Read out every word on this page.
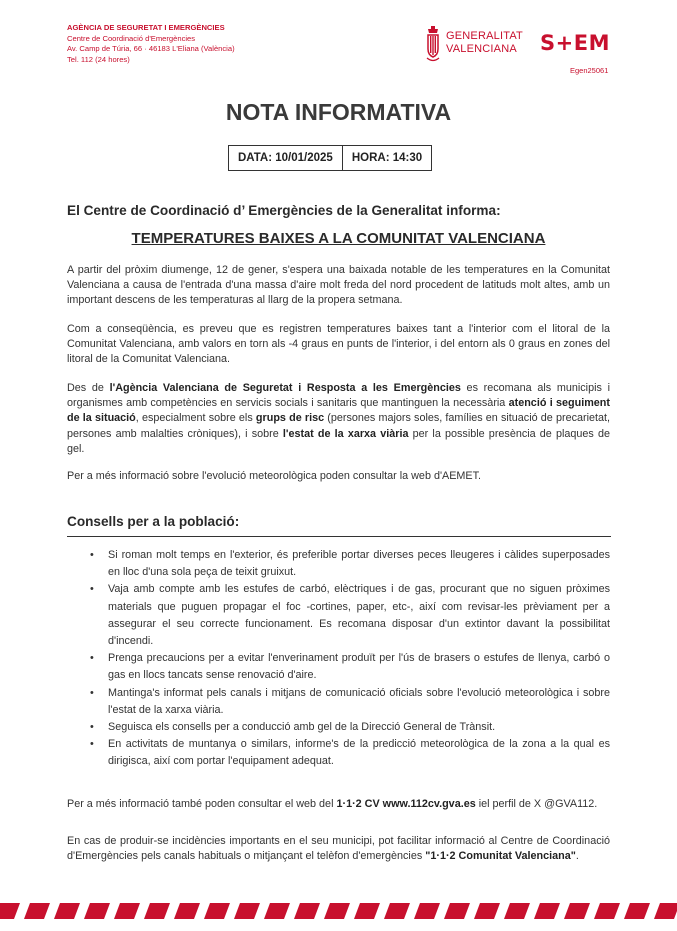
AGÈNCIA DE SEGURETAT I EMERGÈNCIES
Centre de Coordinació d'Emergències
Av. Camp de Túria, 66 · 46183 L'Eliana (València)
Tel. 112 (24 hores)
GENERALITAT
VALENCIANA S+EM
Egen25061
NOTA INFORMATIVA
DATA: 10/01/2025	HORA: 14:30
El Centre de Coordinació d’ Emergències de la Generalitat informa:
TEMPERATURES BAIXES A LA COMUNITAT VALENCIANA
A partir del pròxim diumenge, 12 de gener, s'espera una baixada notable de les temperatures en la Comunitat Valenciana a causa de l'entrada d'una massa d'aire molt freda del nord procedent de latituds molt altes, amb un important descens de les temperaturas al llarg de la propera setmana.
Com a conseqüència, es preveu que es registren temperatures baixes tant a l'interior com el litoral de la Comunitat Valenciana, amb valors en torn als -4 graus en punts de l'interior, i del entorn als 0 graus en zones del litoral de la Comunitat Valenciana.
Des de l'Agència Valenciana de Seguretat i Resposta a les Emergències es recomana als municipis i organismes amb competències en servicis socials i sanitaris que mantinguen la necessària atenció i seguiment de la situació, especialment sobre els grups de risc (persones majors soles, famílies en situació de precarietat, persones amb malalties cròniques), i sobre l'estat de la xarxa viària per la possible presència de plaques de gel.
Per a més informació sobre l'evolució meteorològica poden consultar la web d'AEMET.
Consells per a la població:
• Si roman molt temps en l'exterior, és preferible portar diverses peces lleugeres i càlides superposades en lloc d'una sola peça de teixit gruixut.
• Vaja amb compte amb les estufes de carbó, elèctriques i de gas, procurant que no siguen pròximes materials que puguen propagar el foc -cortines, paper, etc-, així com revisar-les prèviament per a assegurar el seu correcte funcionament. Es recomana disposar d'un extintor davant la possibilitat d'incendi.
• Prenga precaucions per a evitar l'enverinament produït per l'ús de brasers o estufes de llenya, carbó o gas en llocs tancats sense renovació d'aire.
• Mantinga's informat pels canals i mitjans de comunicació oficials sobre l'evolució meteorològica i sobre l'estat de la xarxa viària.
• Seguisca els consells per a conducció amb gel de la Direcció General de Trànsit.
• En activitats de muntanya o similars, informe's de la predicció meteorològica de la zona a la qual es dirigisca, així com portar l'equipament adequat.
Per a més informació també poden consultar el web del 1·1·2 CV www.112cv.gva.es iel perfil de X @GVA112.
En cas de produir-se incidències importants en el seu municipi, pot facilitar informació al Centre de Coordinació d'Emergències pels canals habituals o mitjançant el telèfon d'emergències "1·1·2 Comunitat Valenciana".
